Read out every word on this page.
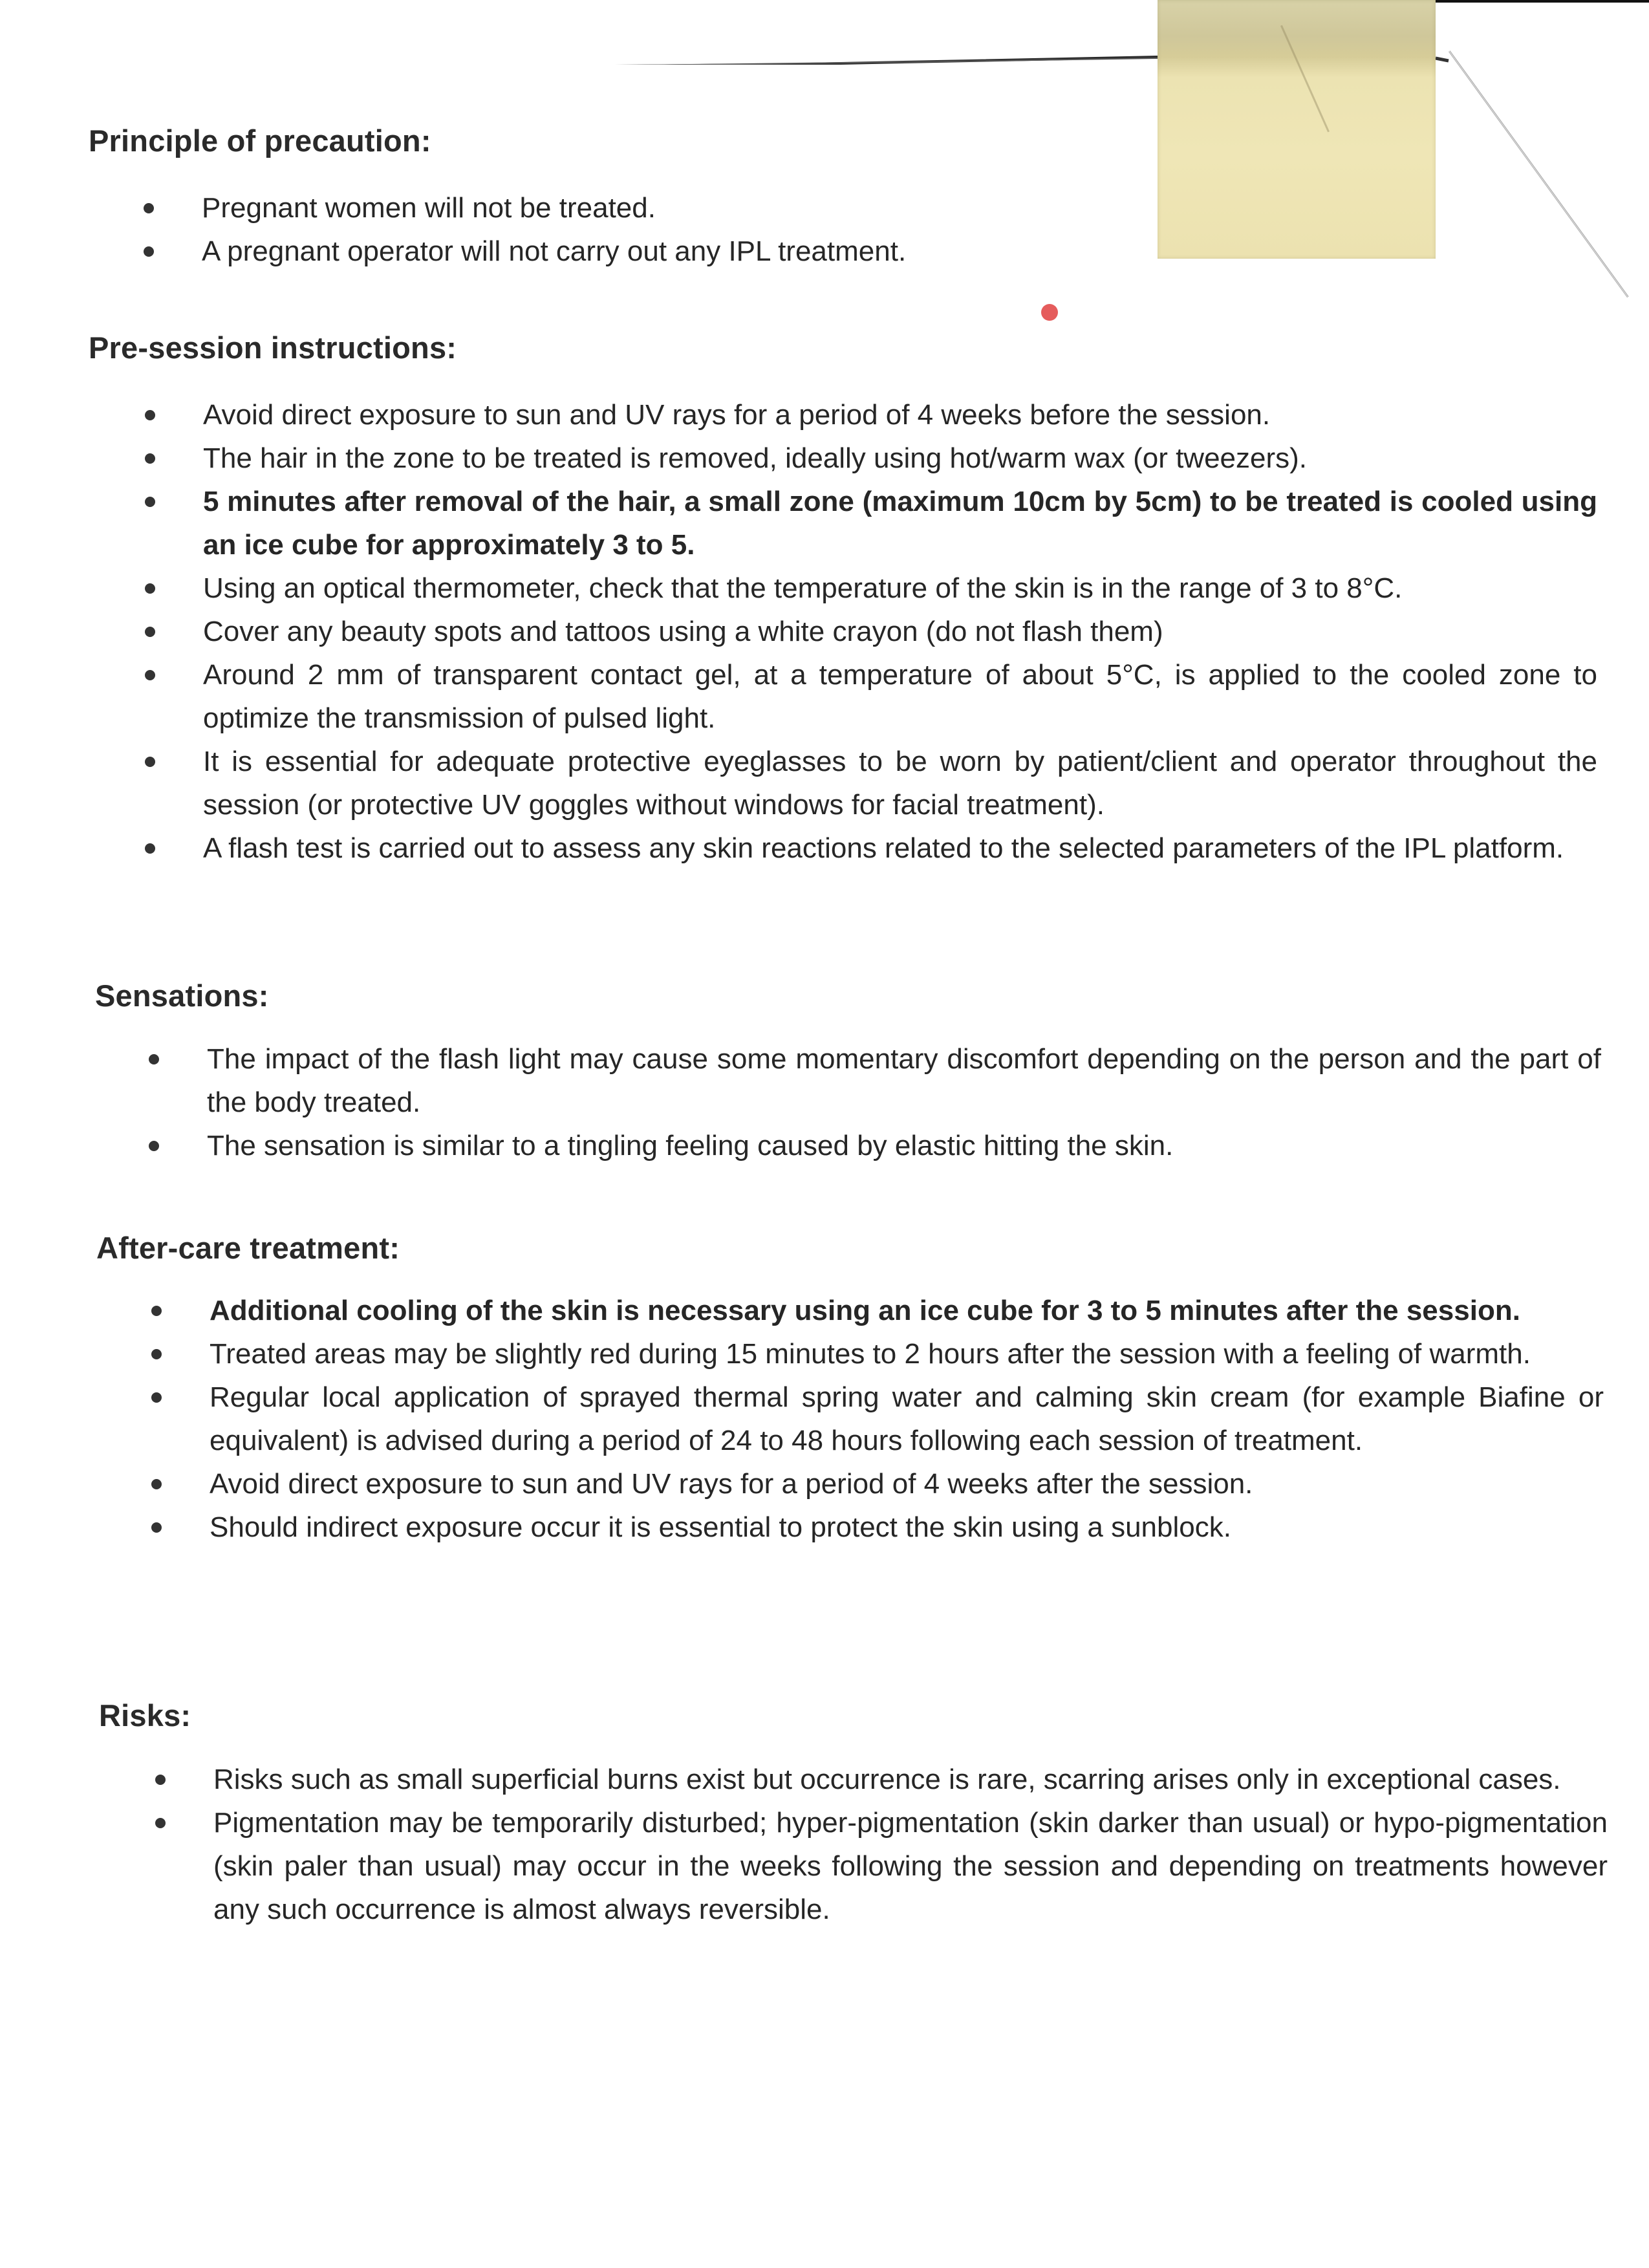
Principle of precaution:
Pregnant women will not be treated.
A pregnant operator will not carry out any IPL treatment.
Pre-session instructions:
Avoid direct exposure to sun and UV rays for a period of 4 weeks before the session.
The hair in the zone to be treated is removed, ideally using hot/warm wax (or tweezers).
5 minutes after removal of the hair, a small zone (maximum 10cm by 5cm) to be treated is cooled using an ice cube for approximately 3 to 5.
Using an optical thermometer, check that the temperature of the skin is in the range of 3 to 8°C.
Cover any beauty spots and tattoos using a white crayon (do not flash them)
Around 2 mm of transparent contact gel, at a temperature of about 5°C, is applied to the cooled zone to optimize the transmission of pulsed light.
It is essential for adequate protective eyeglasses to be worn by patient/client and operator throughout the session (or protective UV goggles without windows for facial treatment).
A flash test is carried out to assess any skin reactions related to the selected parameters of the IPL platform.
Sensations:
The impact of the flash light may cause some momentary discomfort depending on the person and the part of the body treated.
The sensation is similar to a tingling feeling caused by elastic hitting the skin.
After-care treatment:
Additional cooling of the skin is necessary using an ice cube for 3 to 5 minutes after the session.
Treated areas may be slightly red during 15 minutes to 2 hours after the session with a feeling of warmth.
Regular local application of sprayed thermal spring water and calming skin cream (for example Biafine or equivalent) is advised during a period of 24 to 48 hours following each session of treatment.
Avoid direct exposure to sun and UV rays for a period of 4 weeks after the session.
Should indirect exposure occur it is essential to protect the skin using a sunblock.
Risks:
Risks such as small superficial burns exist but occurrence is rare, scarring arises only in exceptional cases.
Pigmentation may be temporarily disturbed; hyper-pigmentation (skin darker than usual) or hypo-pigmentation (skin paler than usual) may occur in the weeks following the session and depending on treatments however any such occurrence is almost always reversible.
